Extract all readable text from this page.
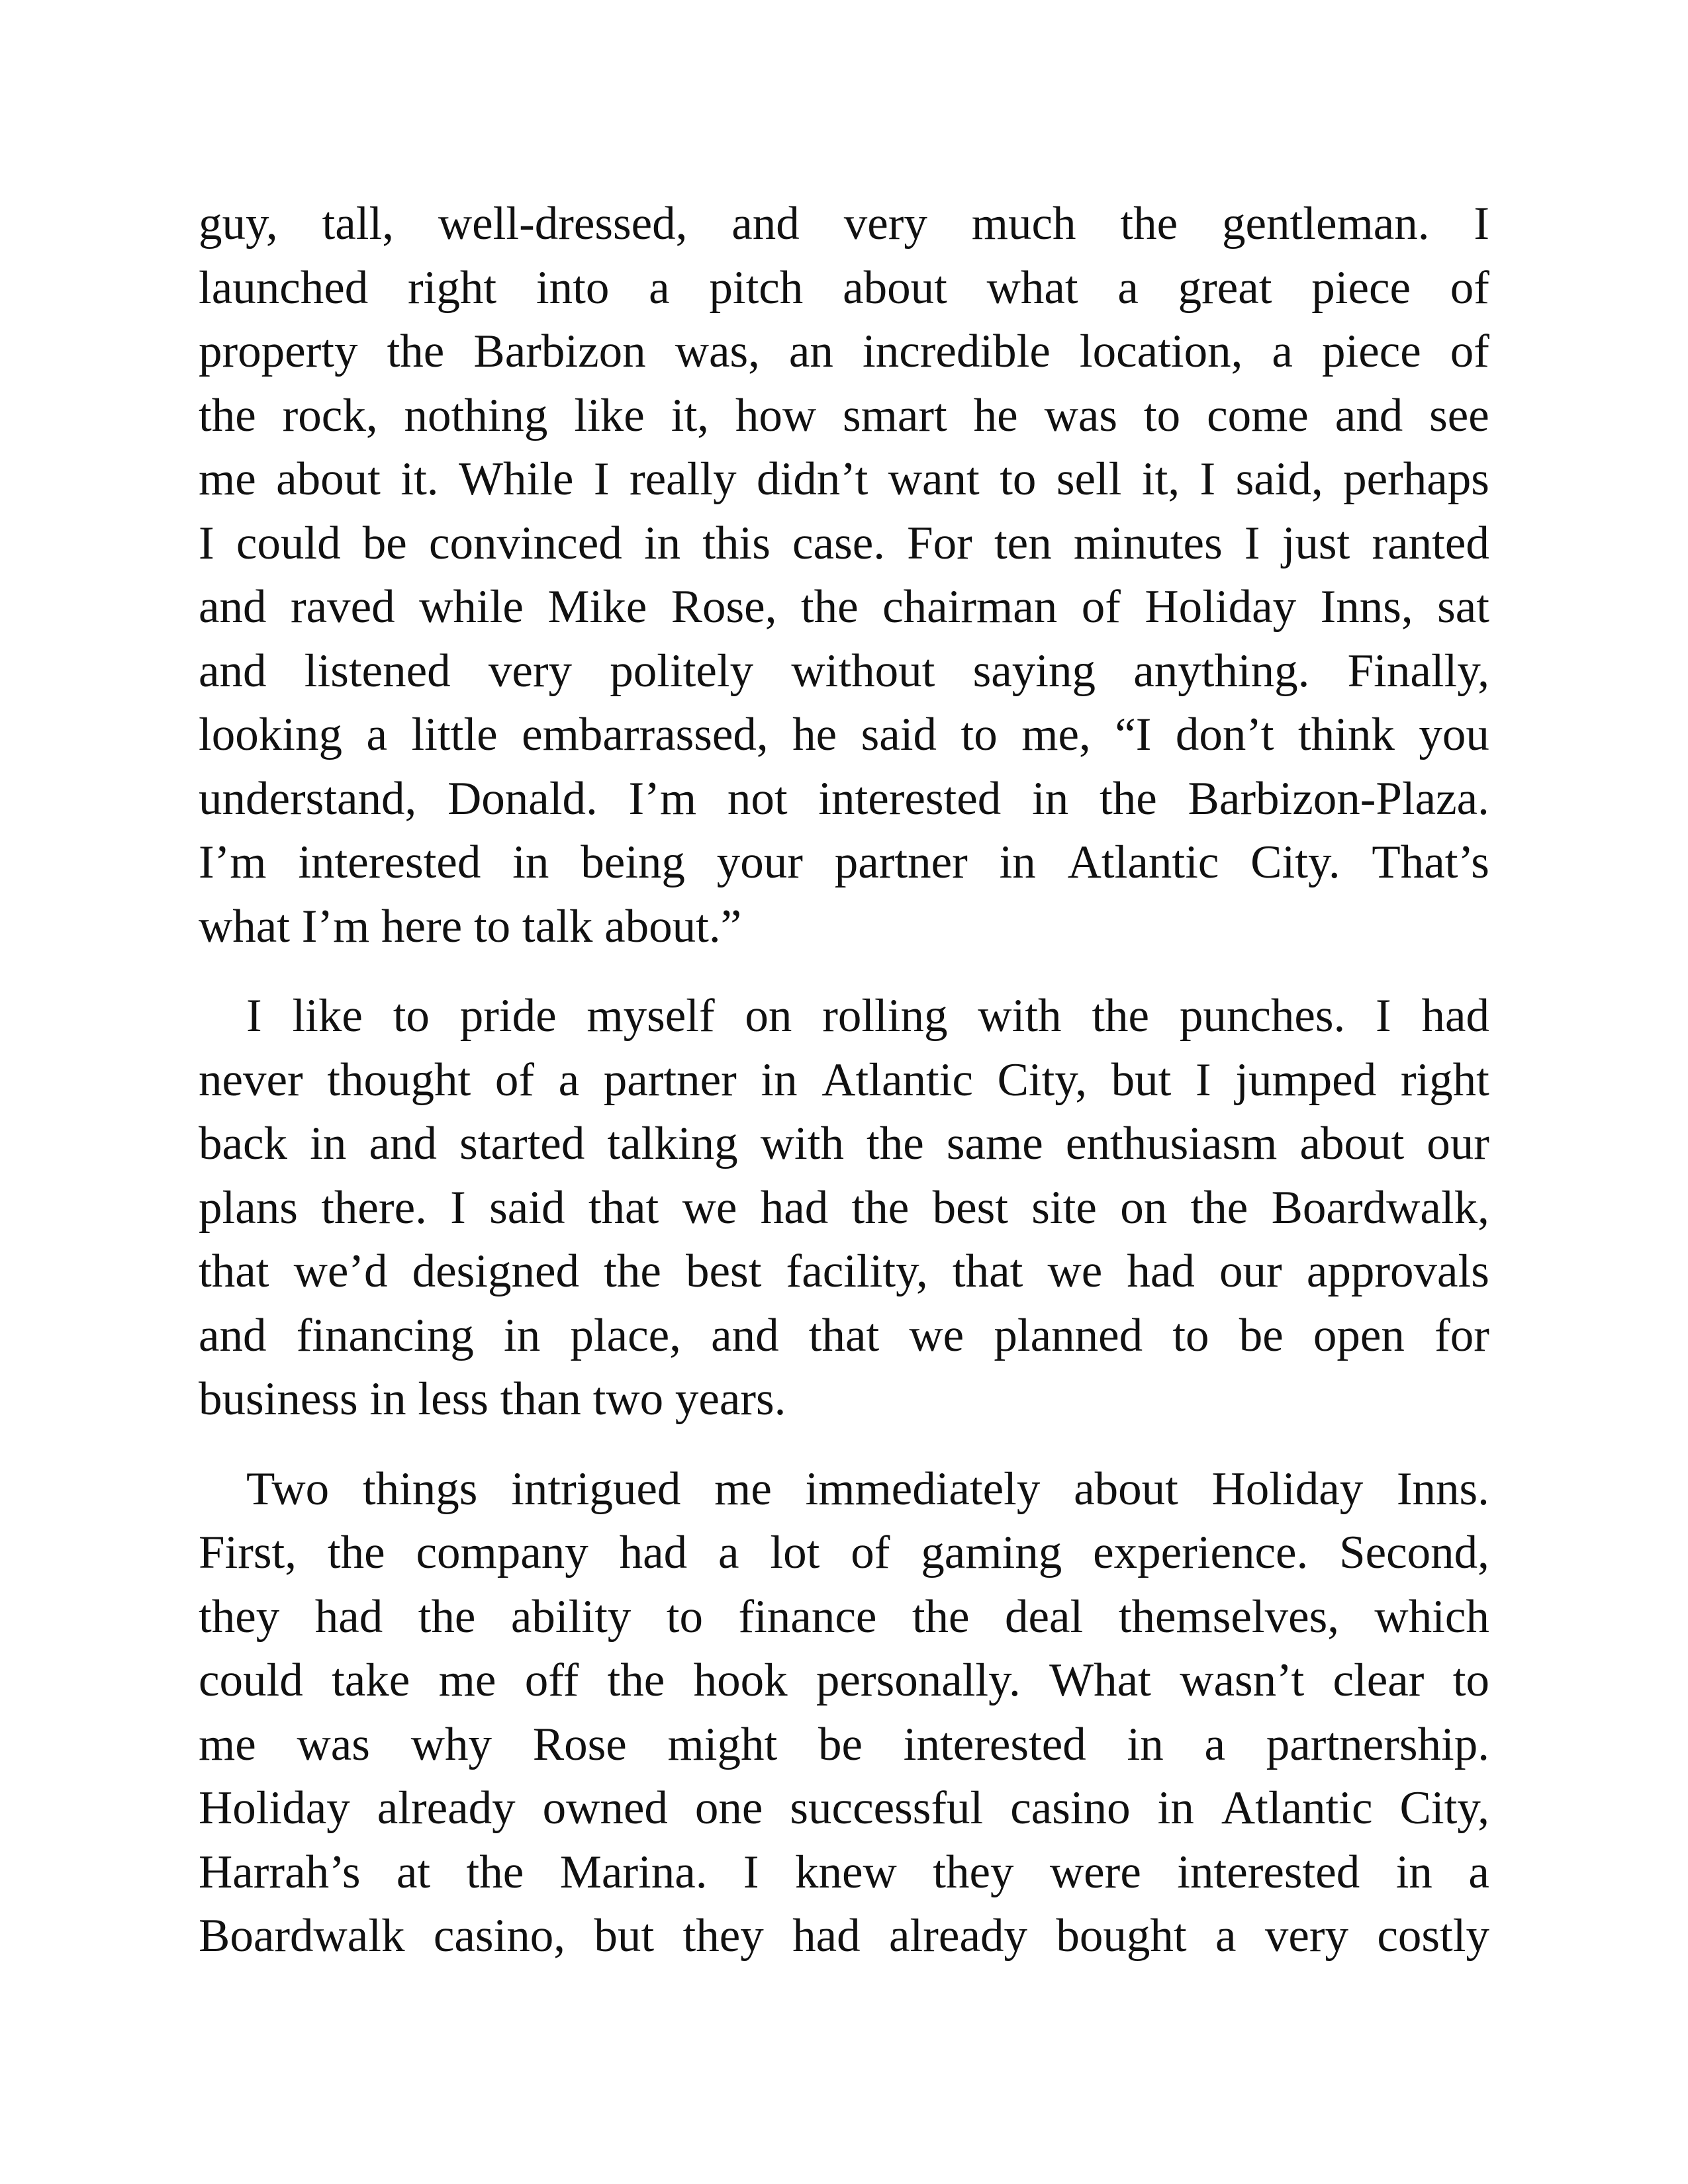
guy, tall, well-dressed, and very much the gentleman. I
launched right into a pitch about what a great piece of
property the Barbizon was, an incredible location, a piece of
the rock, nothing like it, how smart he was to come and see
me about it. While I really didn’t want to sell it, I said, perhaps
I could be convinced in this case. For ten minutes I just ranted
and raved while Mike Rose, the chairman of Holiday Inns, sat
and listened very politely without saying anything. Finally,
looking a little embarrassed, he said to me, “I don’t think you
understand, Donald. I’m not interested in the Barbizon-Plaza.
I’m interested in being your partner in Atlantic City. That’s
what I’m here to talk about.”
I like to pride myself on rolling with the punches. I had
never thought of a partner in Atlantic City, but I jumped right
back in and started talking with the same enthusiasm about our
plans there. I said that we had the best site on the Boardwalk,
that we’d designed the best facility, that we had our approvals
and financing in place, and that we planned to be open for
business in less than two years.
Two things intrigued me immediately about Holiday Inns.
First, the company had a lot of gaming experience. Second,
they had the ability to finance the deal themselves, which
could take me off the hook personally. What wasn’t clear to
me was why Rose might be interested in a partnership.
Holiday already owned one successful casino in Atlantic City,
Harrah’s at the Marina. I knew they were interested in a
Boardwalk casino, but they had already bought a very costly
